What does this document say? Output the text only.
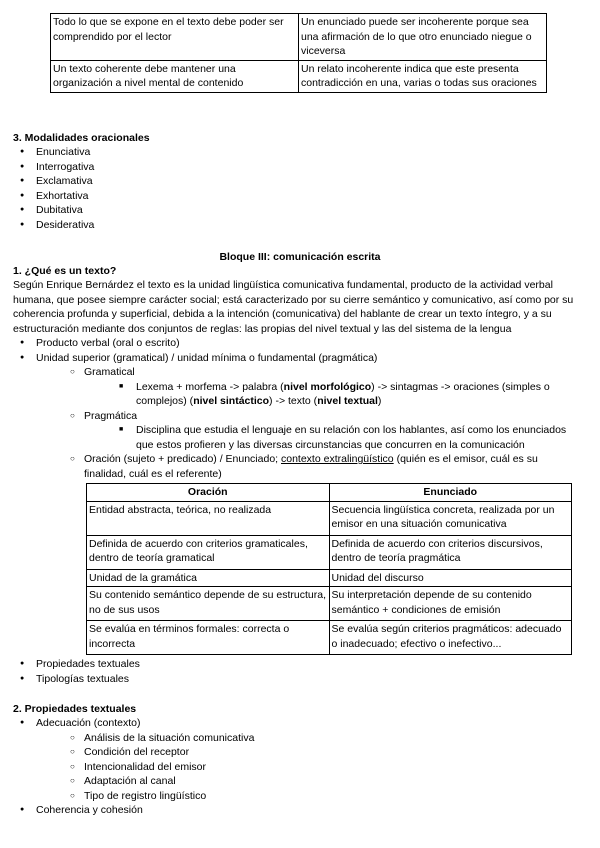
Todo lo que se expone en el texto debe poder ser comprendido por el lector	Un enunciado puede ser incoherente porque sea una afirmación de lo que otro enunciado niegue o viceversa
Un texto coherente debe mantener una organización a nivel mental de contenido	Un relato incoherente indica que este presenta contradicción en una, varias o todas sus oraciones
3. Modalidades oracionales
● Enunciativa
● Interrogativa
● Exclamativa
● Exhortativa
● Dubitativa
● Desiderativa
Bloque III: comunicación escrita
1. ¿Qué es un texto?
Según Enrique Bernárdez el texto es la unidad lingüística comunicativa fundamental, producto de la actividad verbal humana, que posee siempre carácter social; está caracterizado por su cierre semántico y comunicativo, así como por su coherencia profunda y superficial, debida a la intención (comunicativa) del hablante de crear un texto íntegro, y a su estructuración mediante dos conjuntos de reglas: las propias del nivel textual y las del sistema de la lengua
● Producto verbal (oral o escrito)
● Unidad superior (gramatical) / unidad mínima o fundamental (pragmática)
○ Gramatical
■ Lexema + morfema -> palabra (nivel morfológico) -> sintagmas -> oraciones (simples o complejos) (nivel sintáctico) -> texto (nivel textual)
○ Pragmática
■ Disciplina que estudia el lenguaje en su relación con los hablantes, así como los enunciados que estos profieren y las diversas circunstancias que concurren en la comunicación
○ Oración (sujeto + predicado) / Enunciado; contexto extralingüístico (quién es el emisor, cuál es su finalidad, cuál es el referente)
Oración	Enunciado
Entidad abstracta, teórica, no realizada	Secuencia lingüística concreta, realizada por un emisor en una situación comunicativa
Definida de acuerdo con criterios gramaticales, dentro de teoría gramatical	Definida de acuerdo con criterios discursivos, dentro de teoría pragmática
Unidad de la gramática	Unidad del discurso
Su contenido semántico depende de su estructura, no de sus usos	Su interpretación depende de su contenido semántico + condiciones de emisión
Se evalúa en términos formales: correcta o incorrecta	Se evalúa según criterios pragmáticos: adecuado o inadecuado; efectivo o inefectivo...
● Propiedades textuales
● Tipologías textuales
2. Propiedades textuales
● Adecuación (contexto)
○ Análisis de la situación comunicativa
○ Condición del receptor
○ Intencionalidad del emisor
○ Adaptación al canal
○ Tipo de registro lingüístico
● Coherencia y cohesión
